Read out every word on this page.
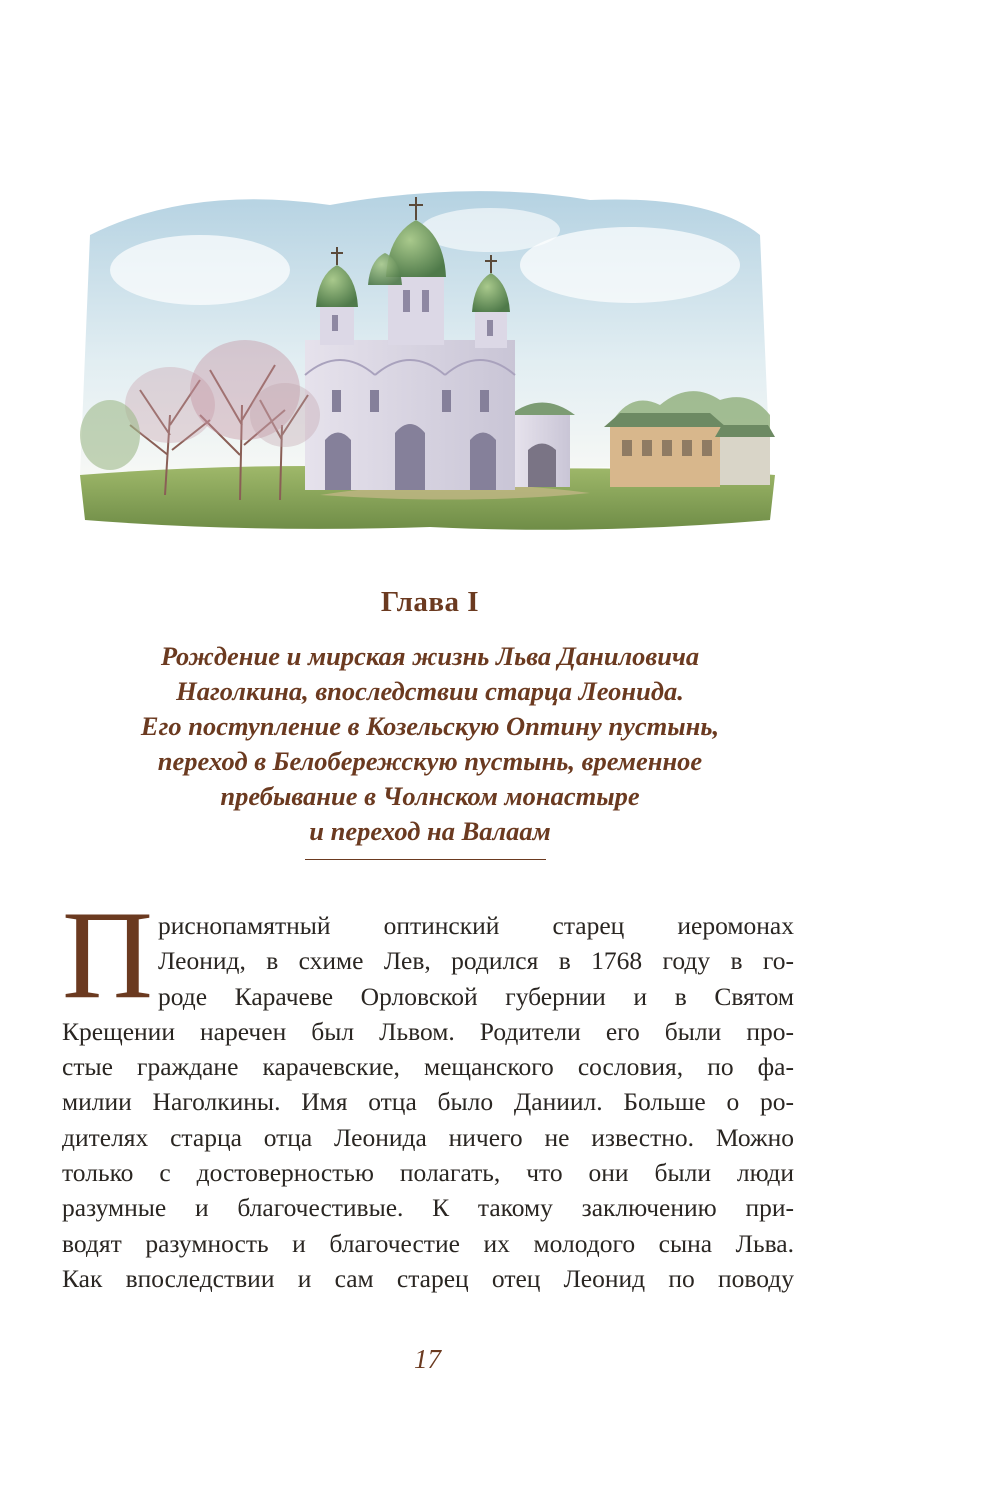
Глава I
Рождение и мирская жизнь Льва Даниловича
Наголкина, впоследствии старца Леонида.
Его поступление в Козельскую Оптину пустынь,
переход в Белобережскую пустынь, временное
пребывание в Чолнском монастыре
и переход на Валаам
П риснопамятный оптинский старец иеромонах
Леонид, в схиме Лев, родился в 1768 году в го-
роде Карачеве Орловской губернии и в Святом
Крещении наречен был Львом. Родители его были про-
стые граждане карачевские, мещанского сословия, по фа-
милии Наголкины. Имя отца было Даниил. Больше о ро-
дителях старца отца Леонида ничего не известно. Можно
только с достоверностью полагать, что они были люди
разумные и благочестивые. К такому заключению при-
водят разумность и благочестие их молодого сына Льва.
Как впоследствии и сам старец отец Леонид по поводу
17
